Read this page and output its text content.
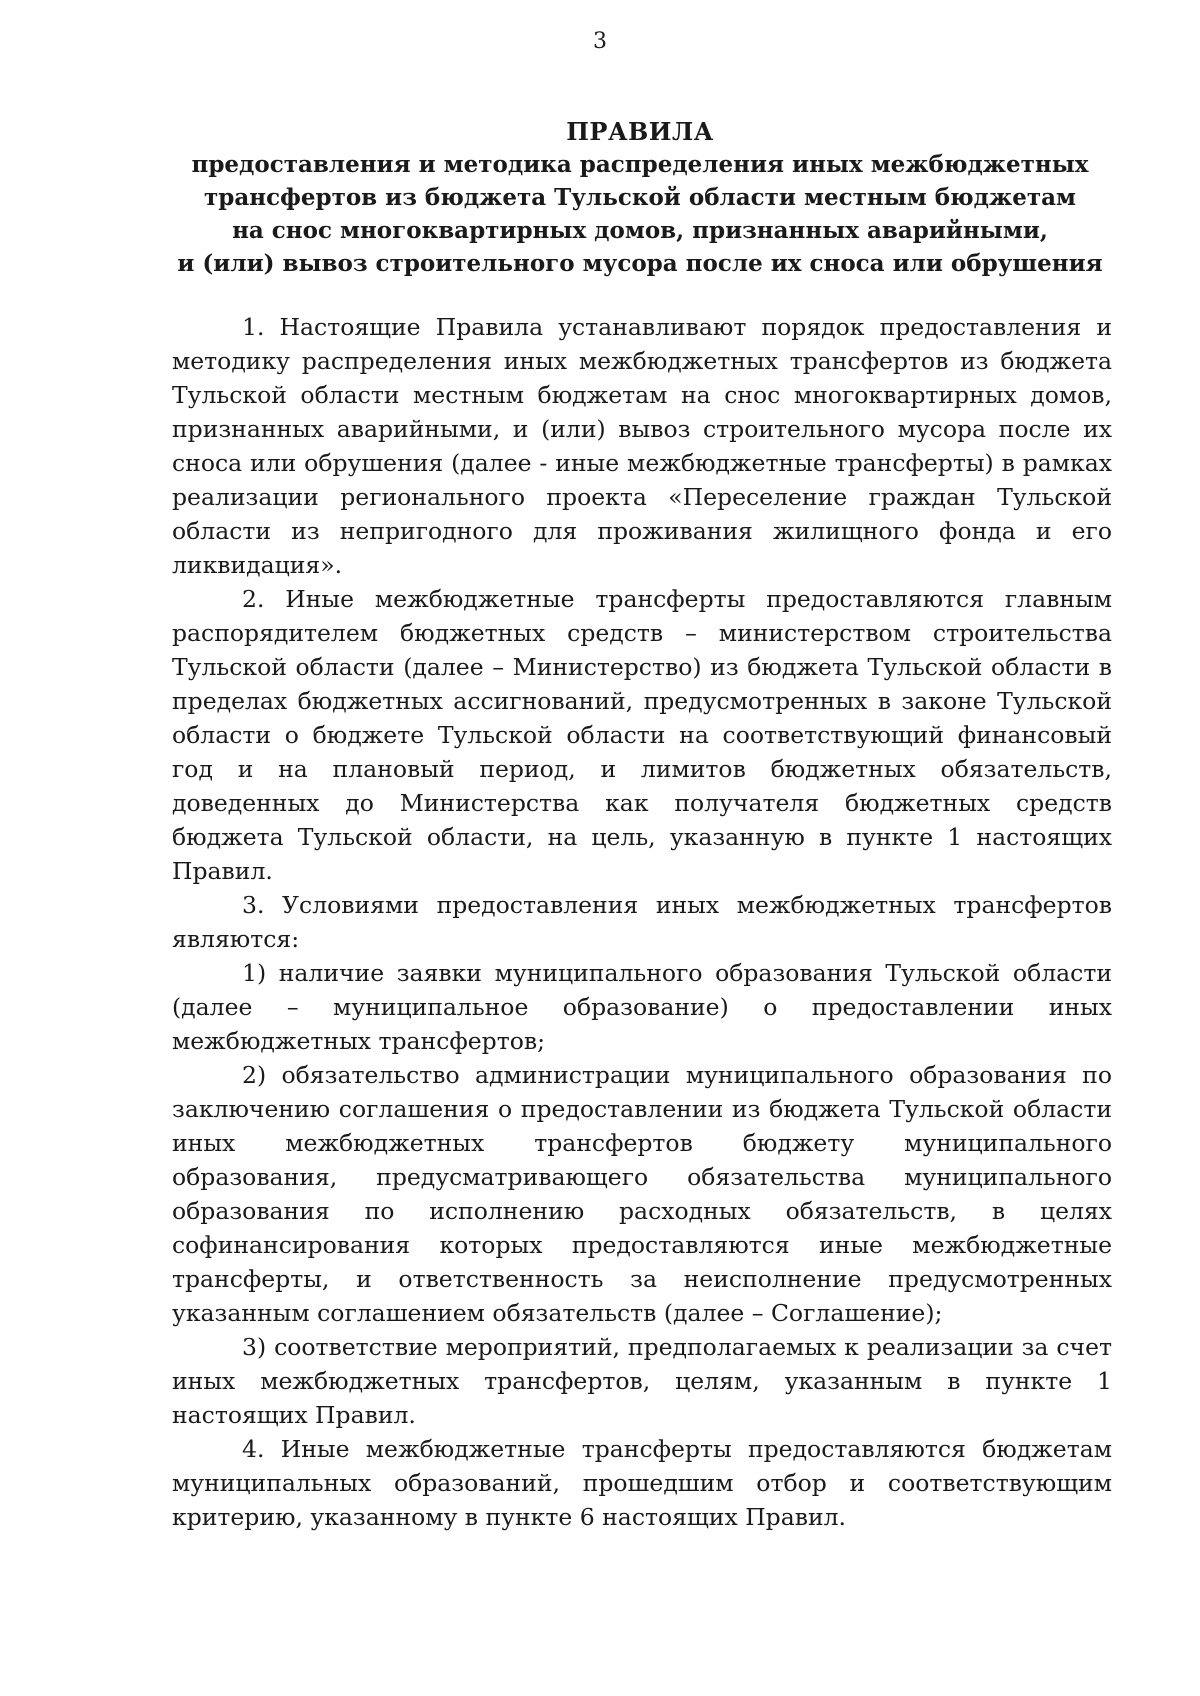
3
ПРАВИЛА
предоставления и методика распределения иных межбюджетных
трансфертов из бюджета Тульской области местным бюджетам
на снос многоквартирных домов, признанных аварийными,
и (или) вывоз строительного мусора после их сноса или обрушения

1. Настоящие Правила устанавливают порядок предоставления и методику распределения иных межбюджетных трансфертов из бюджета Тульской области местным бюджетам на снос многоквартирных домов, признанных аварийными, и (или) вывоз строительного мусора после их сноса или обрушения (далее - иные межбюджетные трансферты) в рамках реализации регионального проекта «Переселение граждан Тульской области из непригодного для проживания жилищного фонда и его ликвидация».

2. Иные межбюджетные трансферты предоставляются главным распорядителем бюджетных средств – министерством строительства Тульской области (далее – Министерство) из бюджета Тульской области в пределах бюджетных ассигнований, предусмотренных в законе Тульской области о бюджете Тульской области на соответствующий финансовый год и на плановый период, и лимитов бюджетных обязательств, доведенных до Министерства как получателя бюджетных средств бюджета Тульской области, на цель, указанную в пункте 1 настоящих Правил.

3. Условиями предоставления иных межбюджетных трансфертов являются:

1) наличие заявки муниципального образования Тульской области (далее – муниципальное образование) о предоставлении иных межбюджетных трансфертов;

2) обязательство администрации муниципального образования по заключению соглашения о предоставлении из бюджета Тульской области иных межбюджетных трансфертов бюджету муниципального образования, предусматривающего обязательства муниципального образования по исполнению расходных обязательств, в целях софинансирования которых предоставляются иные межбюджетные трансферты, и ответственность за неисполнение предусмотренных указанным соглашением обязательств (далее – Соглашение);

3) соответствие мероприятий, предполагаемых к реализации за счет иных межбюджетных трансфертов, целям, указанным в пункте 1 настоящих Правил.

4. Иные межбюджетные трансферты предоставляются бюджетам муниципальных образований, прошедшим отбор и соответствующим критерию, указанному в пункте 6 настоящих Правил.
